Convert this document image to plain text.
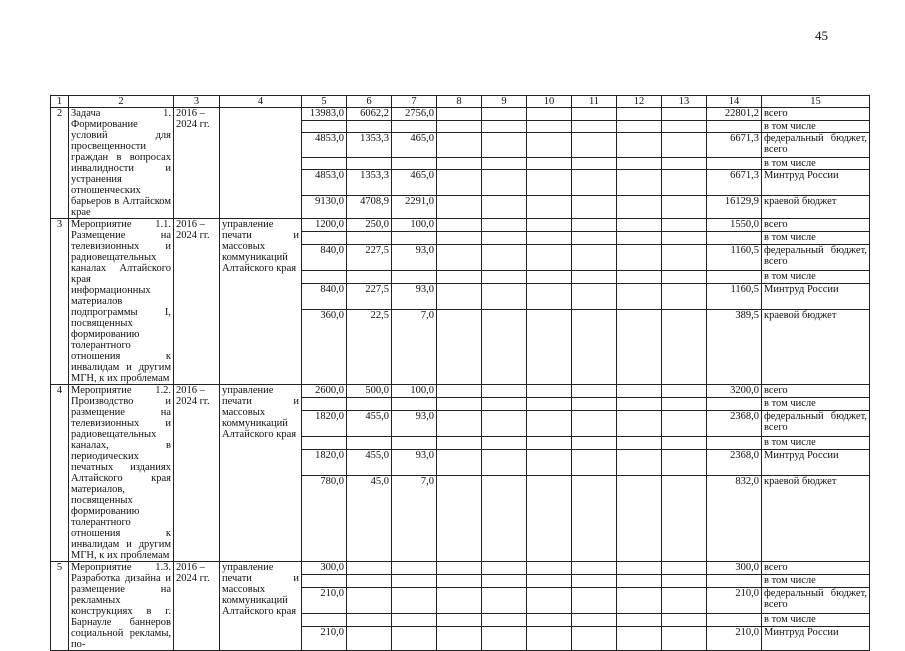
45
1	2	3	4	5	6	7	8	9	10	11	12	13	14	15
2	Задача 1. Формирование условий для просвещенности граждан в вопросах инвалидности и устранения отношенческих барьеров в Алтайском крае	2016 – 2024 гг.		13983,0	6062,2	2756,0							22801,2	всего
														в том числе
				4853,0	1353,3	465,0							6671,3	федеральный бюджет, всего
														в том числе
				4853,0	1353,3	465,0							6671,3	Минтруд России
				9130,0	4708,9	2291,0							16129,9	краевой бюджет
3	Мероприятие 1.1. Размещение на телевизионных и радиовещательных каналах Алтайского края информационных материалов подпрограммы I, посвященных формированию толерантного отношения к инвалидам и другим МГН, к их проблемам	2016 – 2024 гг.	управление печати и массовых коммуникаций Алтайского края	1200,0	250,0	100,0							1550,0	всего
														в том числе
				840,0	227,5	93,0							1160,5	федеральный бюджет, всего
														в том числе
				840,0	227,5	93,0							1160,5	Минтруд России
				360,0	22,5	7,0							389,5	краевой бюджет
4	Мероприятие 1.2. Производство и размещение на телевизионных и радиовещательных каналах, в периодических печатных изданиях Алтайского края материалов, посвященных формированию толерантного отношения к инвалидам и другим МГН, к их проблемам	2016 – 2024 гг.	управление печати и массовых коммуникаций Алтайского края	2600,0	500,0	100,0							3200,0	всего
														в том числе
				1820,0	455,0	93,0							2368,0	федеральный бюджет, всего
														в том числе
				1820,0	455,0	93,0							2368,0	Минтруд России
				780,0	45,0	7,0							832,0	краевой бюджет
5	Мероприятие 1.3. Разработка дизайна и размещение на рекламных конструкциях в г. Барнауле баннеров социальной рекламы, по-	2016 – 2024 гг.	управление печати и массовых коммуникаций Алтайского края	300,0									300,0	всего
														в том числе
				210,0									210,0	федеральный бюджет, всего
														в том числе
				210,0									210,0	Минтруд России
